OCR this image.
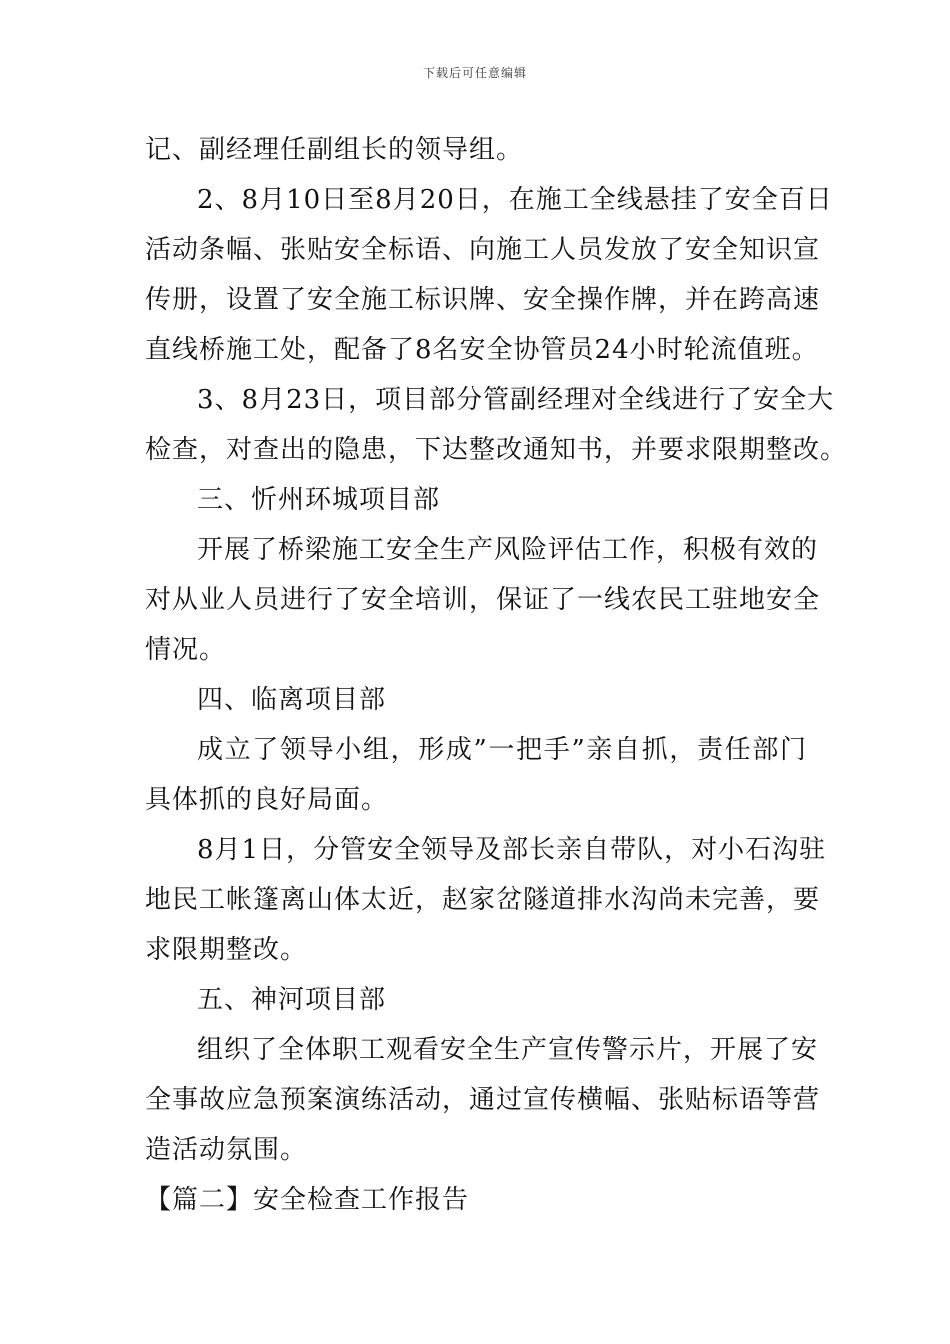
下载后可任意编辑
记、副经理任副组长的领导组。
2、8月10日至8月20日，在施工全线悬挂了安全百日
活动条幅、张贴安全标语、向施工人员发放了安全知识宣
传册，设置了安全施工标识牌、安全操作牌，并在跨高速
直线桥施工处，配备了8名安全协管员24小时轮流值班。
3、8月23日，项目部分管副经理对全线进行了安全大
检查，对查出的隐患，下达整改通知书，并要求限期整改。
三、忻州环城项目部
开展了桥梁施工安全生产风险评估工作，积极有效的
对从业人员进行了安全培训，保证了一线农民工驻地安全
情况。
四、临离项目部
成立了领导小组，形成”一把手”亲自抓，责任部门
具体抓的良好局面。
8月1日，分管安全领导及部长亲自带队，对小石沟驻
地民工帐篷离山体太近，赵家岔隧道排水沟尚未完善，要
求限期整改。
五、神河项目部
组织了全体职工观看安全生产宣传警示片，开展了安
全事故应急预案演练活动，通过宣传横幅、张贴标语等营
造活动氛围。
【篇二】安全检查工作报告
